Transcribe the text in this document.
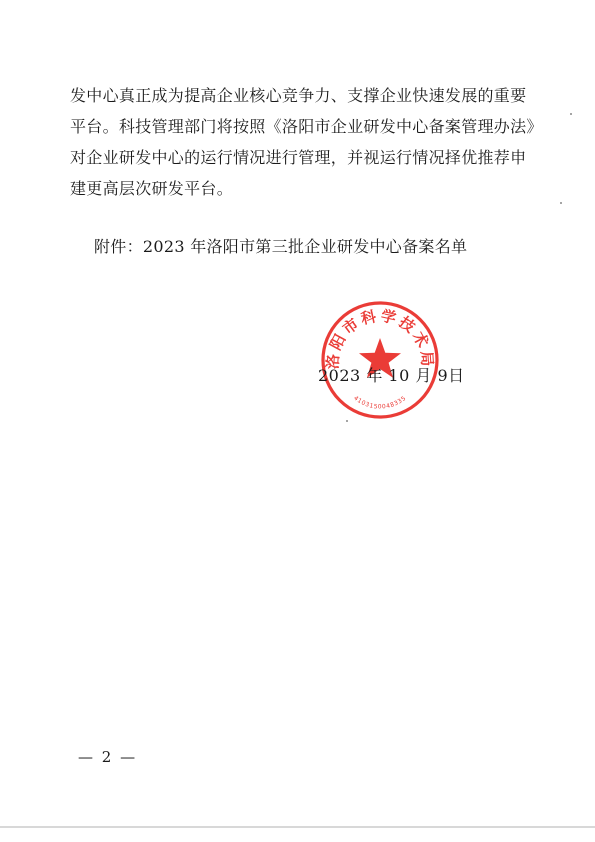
发中心真正成为提高企业核心竞争力、支撑企业快速发展的重要
平台。科技管理部门将按照《洛阳市企业研发中心备案管理办法》
对企业研发中心的运行情况进行管理，并视运行情况择优推荐申
建更高层次研发平台。
附件：2023 年洛阳市第三批企业研发中心备案名单
洛阳市科学技术局
4103150048335
2023 年 10 月 9日
— 2 —
